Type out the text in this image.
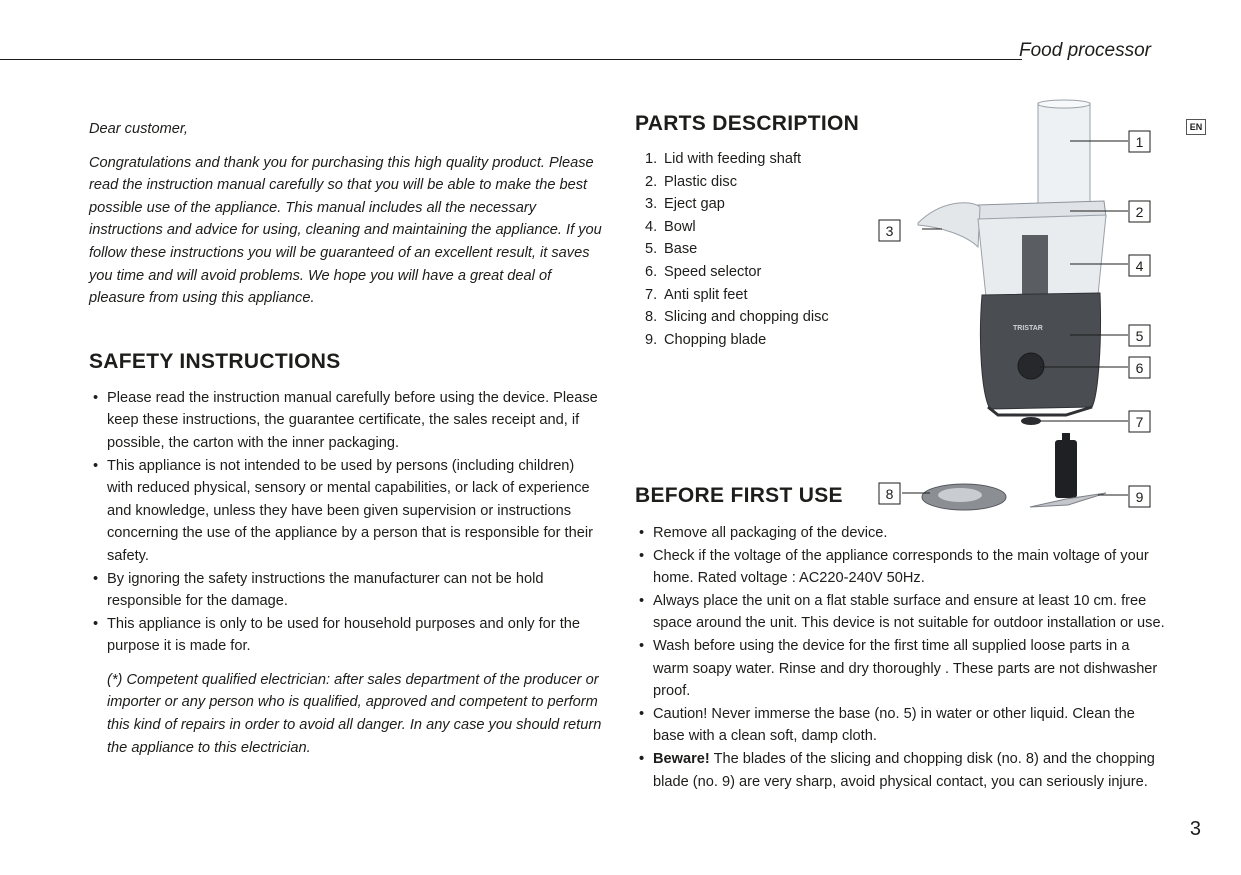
Food processor
EN

Dear customer,

Congratulations and thank you for purchasing this high quality product. Please read the instruction manual carefully so that you will be able to make the best possible use of the appliance. This manual includes all the necessary instructions and advice for using, cleaning and maintaining the appliance. If you follow these instructions you will be guaranteed of an excellent result, it saves you time and will avoid problems. We hope you will have a great deal of pleasure from using this appliance.

SAFETY INSTRUCTIONS
• Please read the instruction manual carefully before using the device. Please keep these instructions, the guarantee certificate, the sales receipt and, if possible, the carton with the inner packaging.
• This appliance is not intended to be used by persons (including children) with reduced physical, sensory or mental capabilities, or lack of experience and knowledge, unless they have been given supervision or instructions concerning the use of the appliance by a person that is responsible for their safety.
• By ignoring the safety instructions the manufacturer can not be hold responsible for the damage.
• This appliance is only to be used for household purposes and only for the purpose it is made for.

(*) Competent qualified electrician: after sales department of the producer or importer or any person who is qualified, approved and competent to perform this kind of repairs in order to avoid all danger. In any case you should return the appliance to this electrician.

PARTS DESCRIPTION
1. Lid with feeding shaft
2. Plastic disc
3. Eject gap
4. Bowl
5. Base
6. Speed selector
7. Anti split feet
8. Slicing and chopping disc
9. Chopping blade
BEFORE FIRST USE
• Remove all packaging of the device.
• Check if the voltage of the appliance corresponds to the main voltage of your home. Rated voltage : AC220-240V 50Hz.
• Always place the unit on a flat stable surface and ensure at least 10 cm. free space around the unit. This device is not suitable for outdoor installation or use.
• Wash before using the device for the first time all supplied loose parts in a warm soapy water. Rinse and dry thoroughly . These parts are not dishwasher proof.
• Caution! Never immerse the base (no. 5) in water or other liquid. Clean the base with a clean soft, damp cloth.
• Beware! The blades of the slicing and chopping disk (no. 8) and the chopping blade (no. 9) are very sharp, avoid physical contact, you can seriously injure.
TRISTAR
1
2
3
4
5
6
7
8	9
3
